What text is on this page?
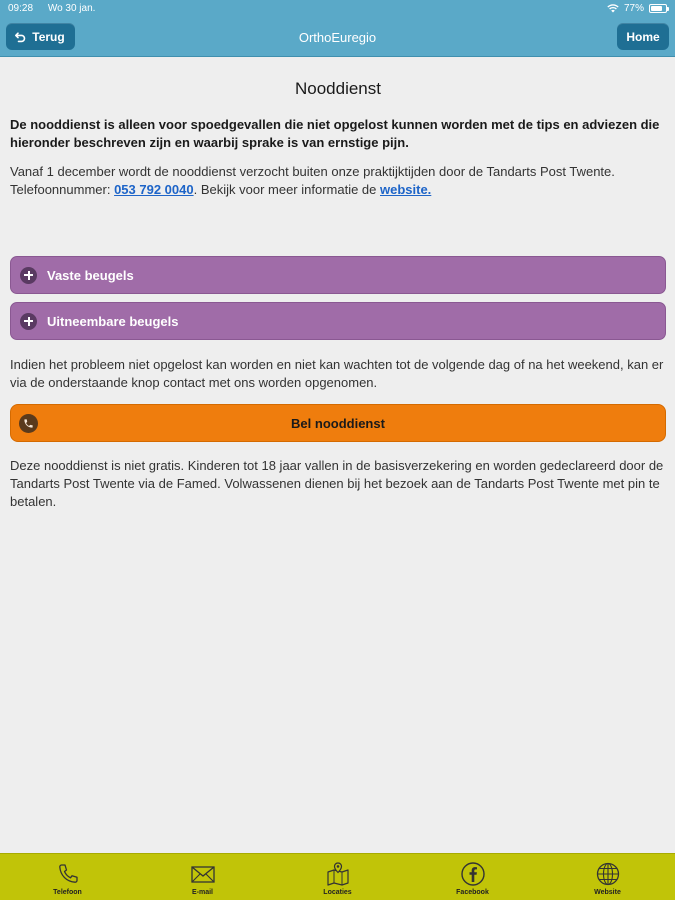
09:28 Wo 30 jan.	77%
Terug	OrthoEuregio	Home
Nooddienst

De nooddienst is alleen voor spoedgevallen die niet opgelost kunnen worden met de tips en adviezen die hieronder beschreven zijn en waarbij sprake is van ernstige pijn.

Vanaf 1 december wordt de nooddienst verzocht buiten onze praktijktijden door de Tandarts Post Twente. Telefoonnummer: 053 792 0040. Bekijk voor meer informatie de website.

Vaste beugels
Uitneembare beugels

Indien het probleem niet opgelost kan worden en niet kan wachten tot de volgende dag of na het weekend, kan er via de onderstaande knop contact met ons worden opgenomen.

Bel nooddienst

Deze nooddienst is niet gratis. Kinderen tot 18 jaar vallen in de basisverzekering en worden gedeclareerd door de Tandarts Post Twente via de Famed. Volwassenen dienen bij het bezoek aan de Tandarts Post Twente met pin te betalen.

Telefoon	E-mail	Locaties	Facebook	Website
